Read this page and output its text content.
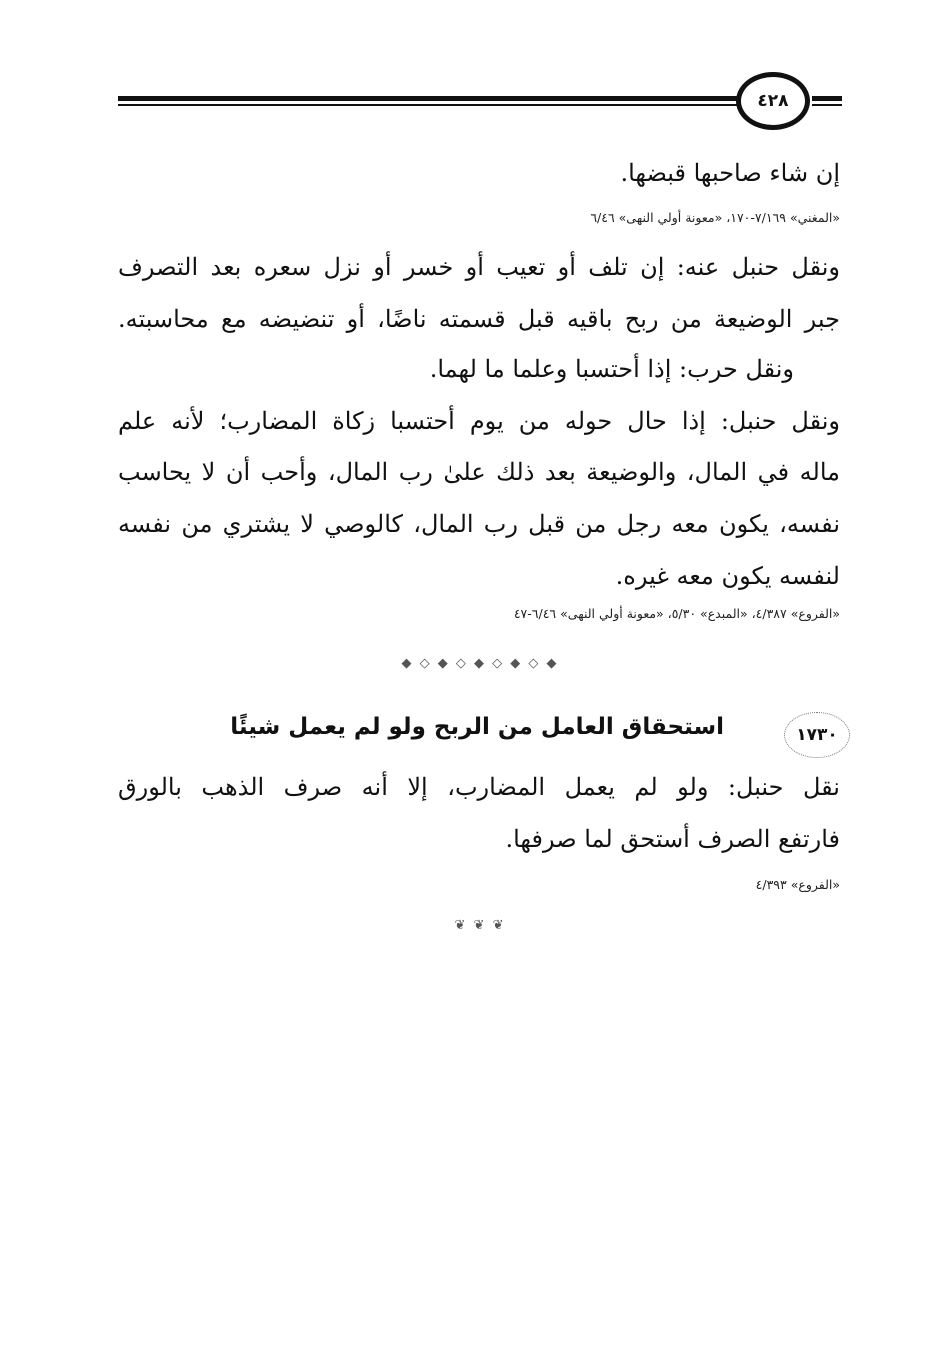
٤٢٨
إن شاء صاحبها قبضها.
«المغني» ٧/١٦٩-١٧٠، «معونة أولي النهى» ٦/٤٦
ونقل حنبل عنه: إن تلف أو تعيب أو خسر أو نزل سعره بعد التصرف
جبر الوضيعة من ربح باقيه قبل قسمته ناضًا، أو تنضيضه مع محاسبته.
ونقل حرب: إذا أحتسبا وعلما ما لهما.
ونقل حنبل: إذا حال حوله من يوم أحتسبا زكاة المضارب؛ لأنه علم
ماله في المال، والوضيعة بعد ذلك علىٰ رب المال، وأحب أن لا يحاسب
نفسه، يكون معه رجل من قبل رب المال، كالوصي لا يشتري من نفسه
لنفسه يكون معه غيره.
«الفروع» ٤/٣٨٧، «المبدع» ٥/٣٠، «معونة أولي النهى» ٦/٤٦-٤٧
◆ ◇ ◆ ◇ ◆ ◇ ◆ ◇ ◆
١٧٣٠
استحقاق العامل من الربح ولو لم يعمل شيئًا
نقل حنبل: ولو لم يعمل المضارب، إلا أنه صرف الذهب بالورق
فارتفع الصرف أستحق لما صرفها.
«الفروع» ٤/٣٩٣
❦ ❦ ❦
